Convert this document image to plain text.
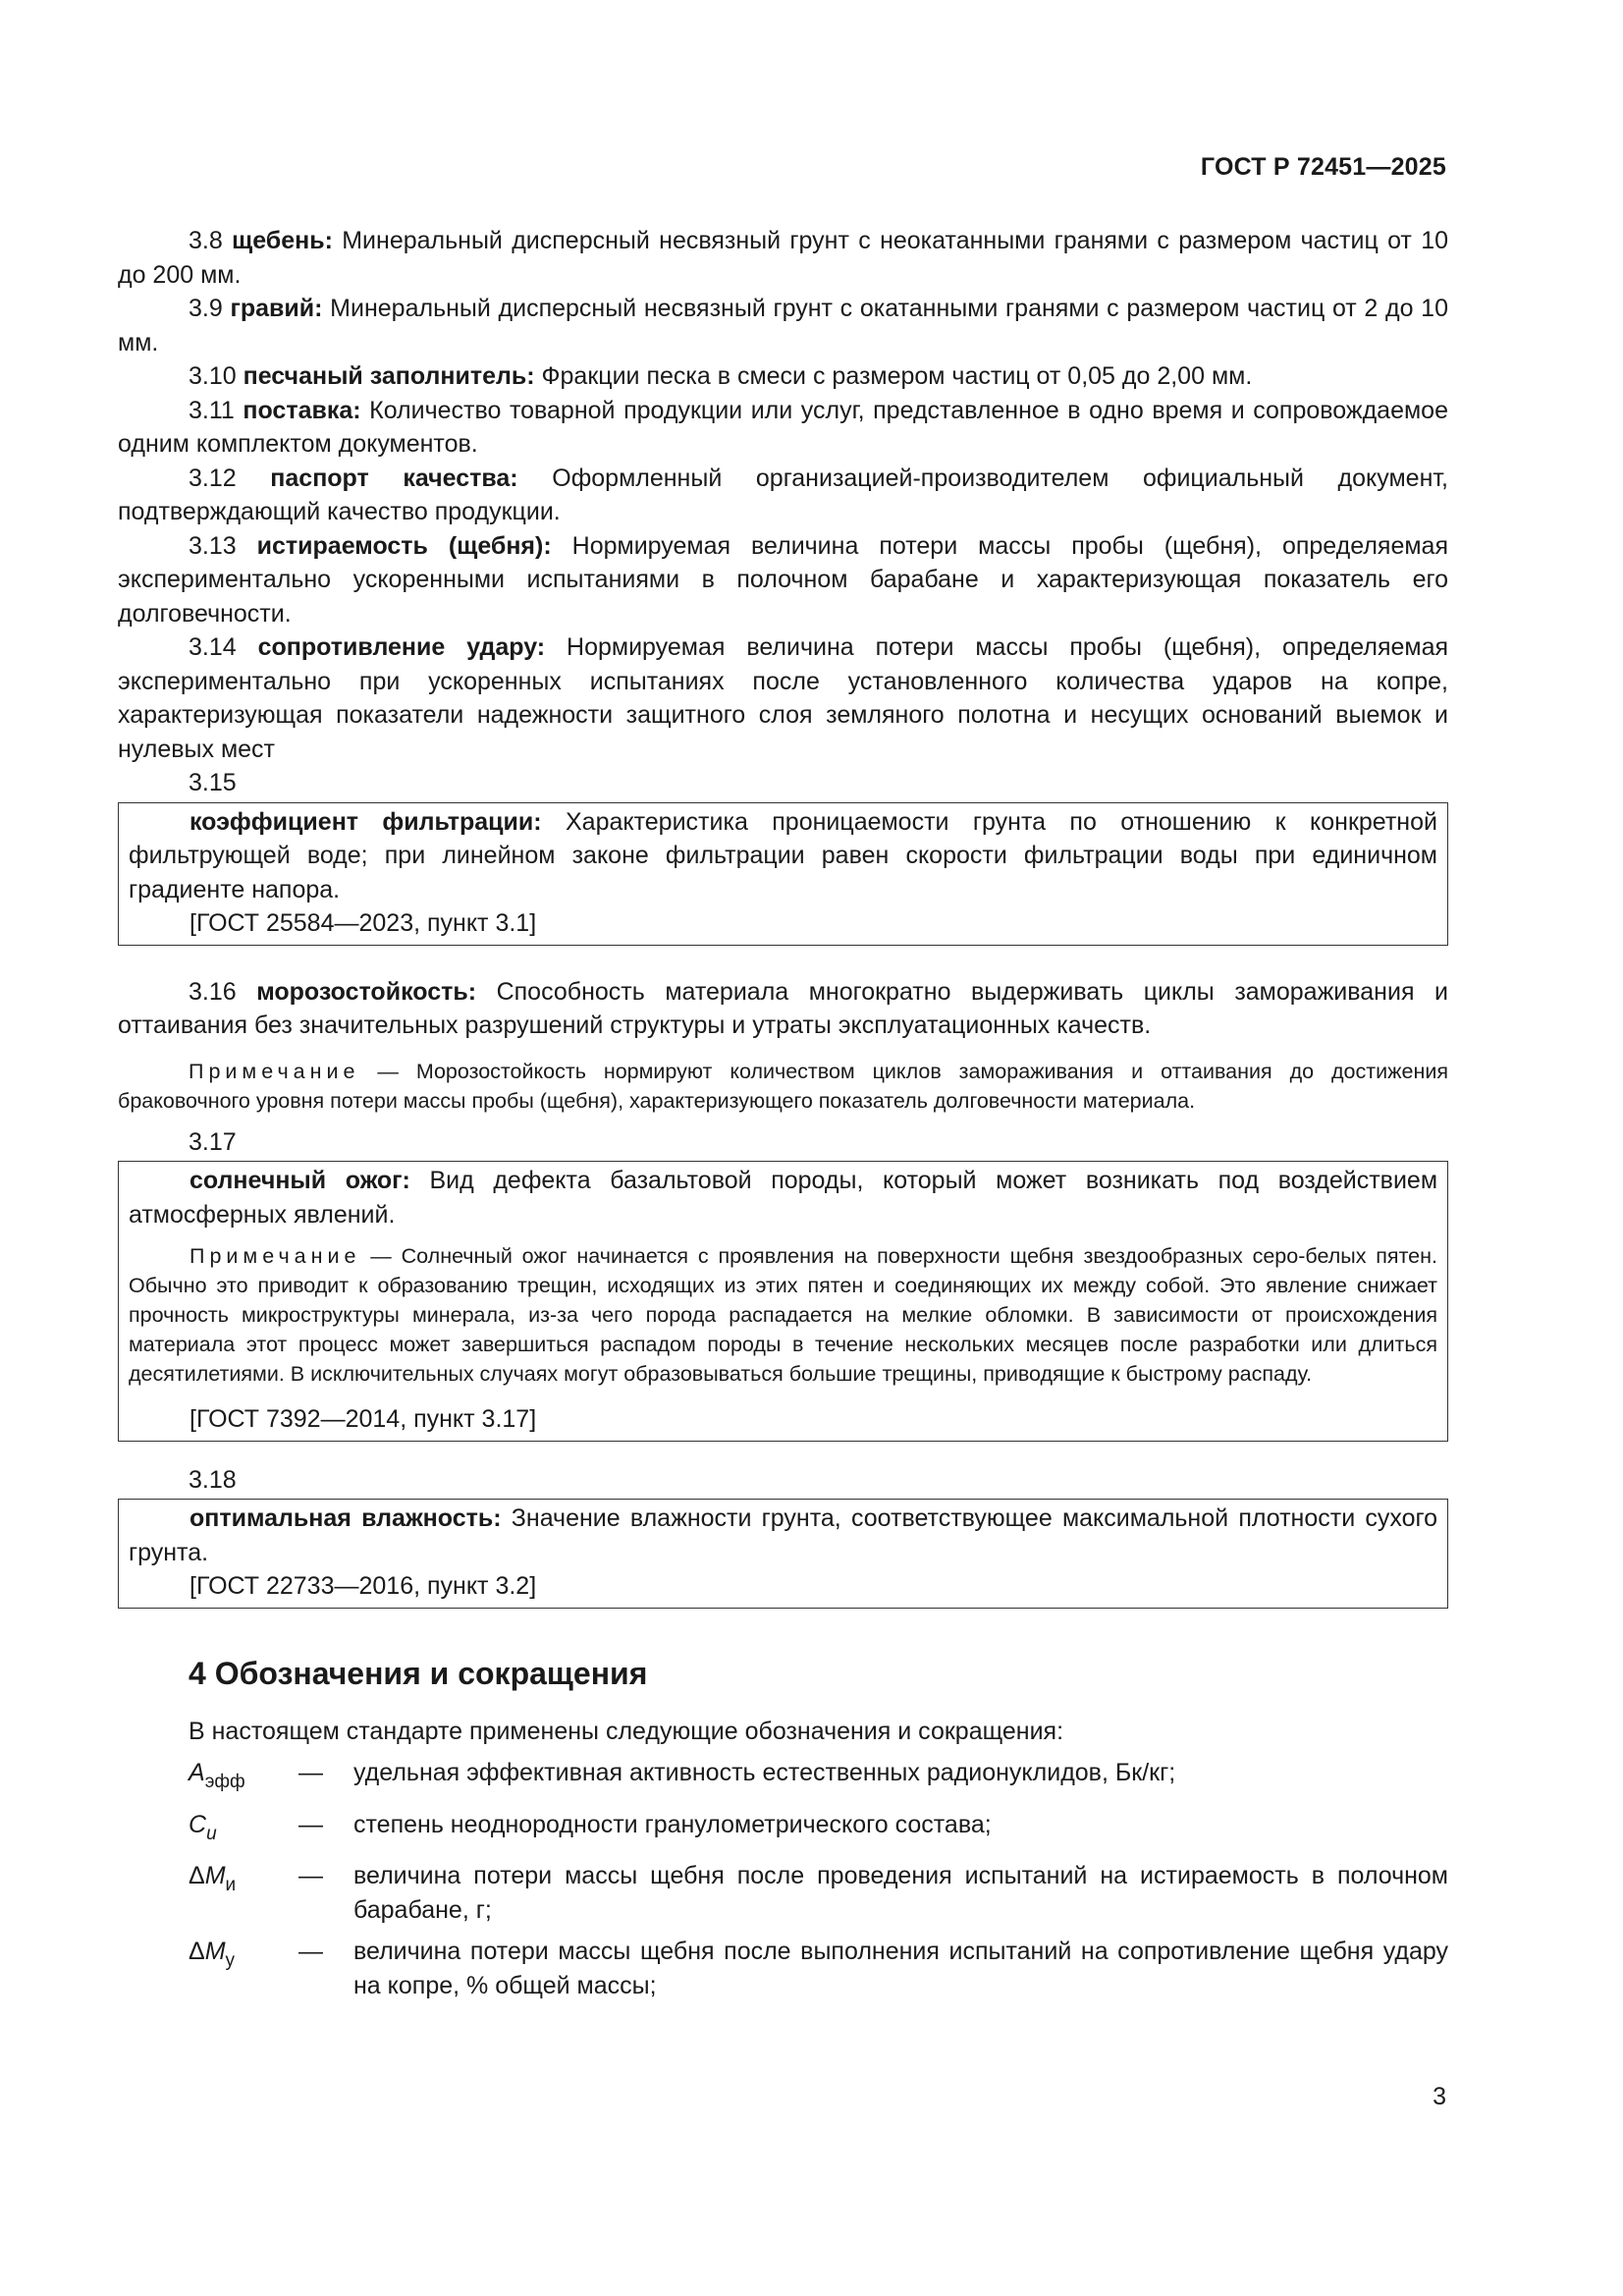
ГОСТ Р 72451—2025

3.8 щебень: Минеральный дисперсный несвязный грунт с неокатанными гранями с размером частиц от 10 до 200 мм.

3.9 гравий: Минеральный дисперсный несвязный грунт с окатанными гранями с размером частиц от 2 до 10 мм.

3.10 песчаный заполнитель: Фракции песка в смеси с размером частиц от 0,05 до 2,00 мм.

3.11 поставка: Количество товарной продукции или услуг, представленное в одно время и сопровождаемое одним комплектом документов.

3.12 паспорт качества: Оформленный организацией-производителем официальный документ, подтверждающий качество продукции.

3.13 истираемость (щебня): Нормируемая величина потери массы пробы (щебня), определяемая экспериментально ускоренными испытаниями в полочном барабане и характеризующая показатель его долговечности.

3.14 сопротивление удару: Нормируемая величина потери массы пробы (щебня), определяемая экспериментально при ускоренных испытаниях после установленного количества ударов на копре, характеризующая показатели надежности защитного слоя земляного полотна и несущих оснований выемок и нулевых мест

3.15

коэффициент фильтрации: Характеристика проницаемости грунта по отношению к конкретной фильтрующей воде; при линейном законе фильтрации равен скорости фильтрации воды при единичном градиенте напора.

[ГОСТ 25584—2023, пункт 3.1]

3.16 морозостойкость: Способность материала многократно выдерживать циклы замораживания и оттаивания без значительных разрушений структуры и утраты эксплуатационных качеств.

Примечание — Морозостойкость нормируют количеством циклов замораживания и оттаивания до достижения браковочного уровня потери массы пробы (щебня), характеризующего показатель долговечности материала.

3.17

солнечный ожог: Вид дефекта базальтовой породы, который может возникать под воздействием атмосферных явлений.

Примечание — Солнечный ожог начинается с проявления на поверхности щебня звездообразных серо-белых пятен. Обычно это приводит к образованию трещин, исходящих из этих пятен и соединяющих их между собой. Это явление снижает прочность микроструктуры минерала, из-за чего порода распадается на мелкие обломки. В зависимости от происхождения материала этот процесс может завершиться распадом породы в течение нескольких месяцев после разработки или длиться десятилетиями. В исключительных случаях могут образовываться большие трещины, приводящие к быстрому распаду.

[ГОСТ 7392—2014, пункт 3.17]

3.18

оптимальная влажность: Значение влажности грунта, соответствующее максимальной плотности сухого грунта.

[ГОСТ 22733—2016, пункт 3.2]

4 Обозначения и сокращения

В настоящем стандарте применены следующие обозначения и сокращения:

$A_{эфф}$	—	удельная эффективная активность естественных радионуклидов, Бк/кг;
$C_u$	—	степень неоднородности гранулометрического состава;
$\Delta M_и$	—	величина потери массы щебня после проведения испытаний на истираемость в полочном барабане, г;
$\Delta M_у$	—	величина потери массы щебня после выполнения испытаний на сопротивление щебня удару на копре, % общей массы;
3
